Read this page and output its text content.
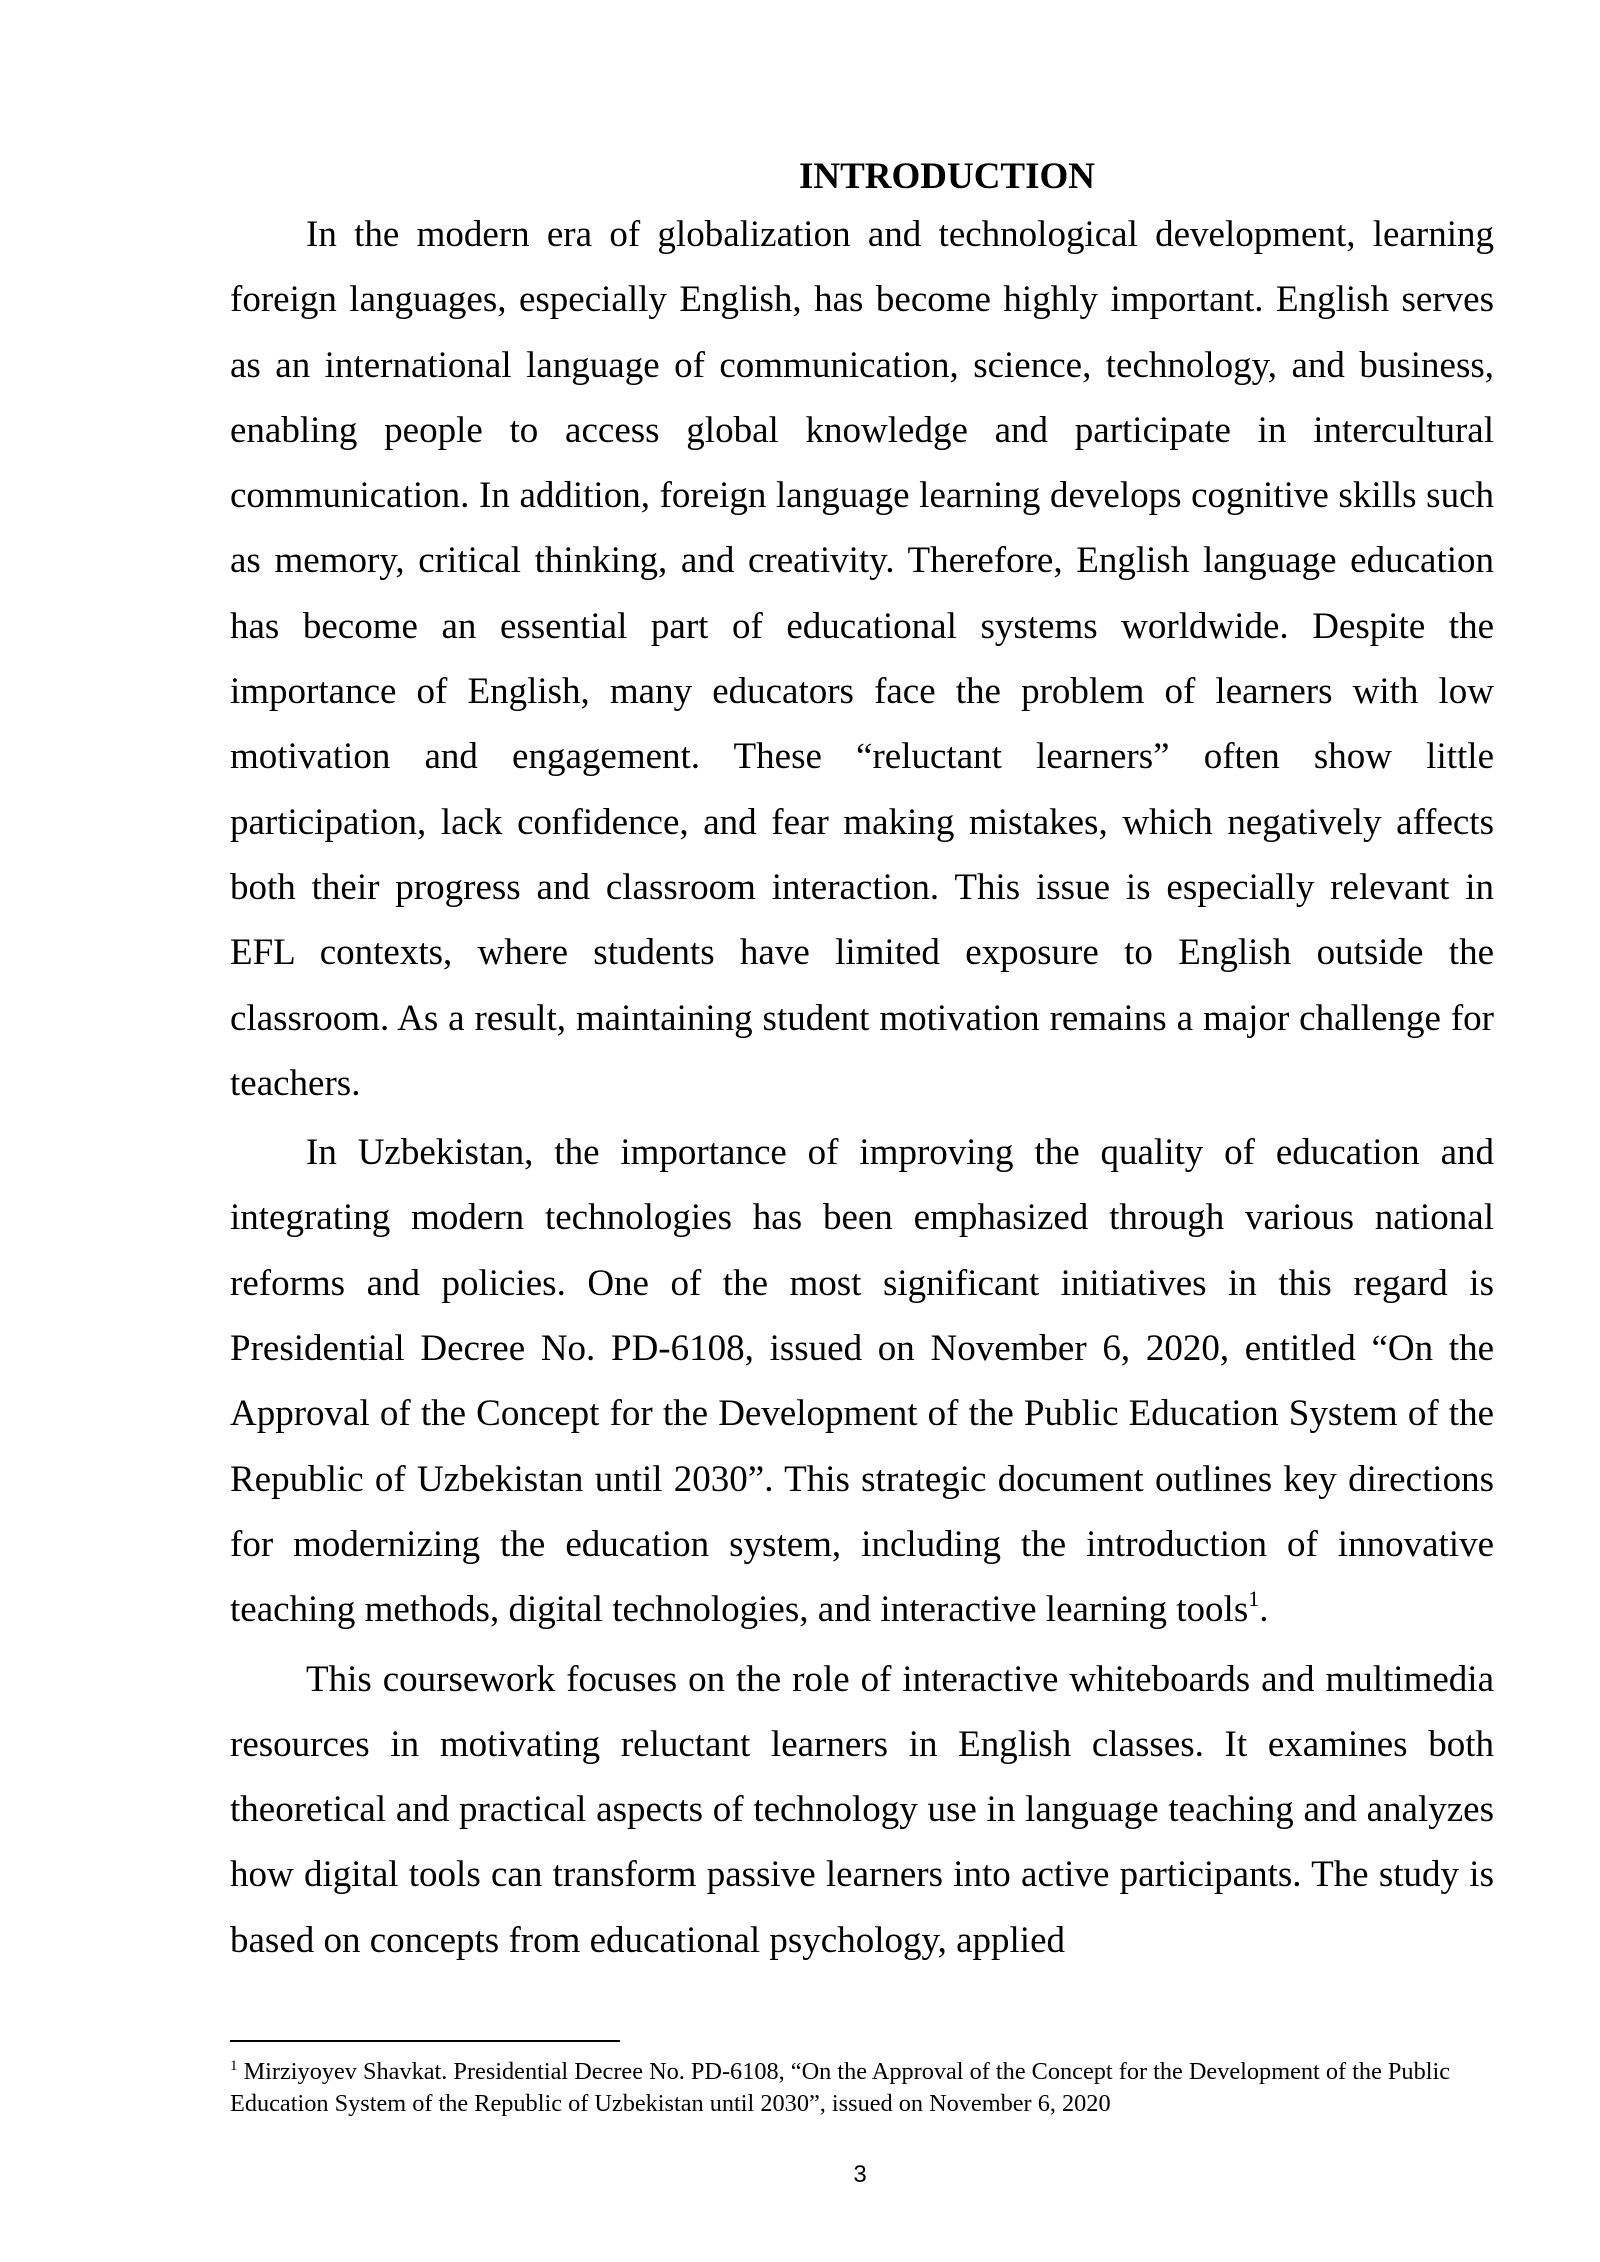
INTRODUCTION

In the modern era of globalization and technological development, learning foreign languages, especially English, has become highly important. English serves as an international language of communication, science, technology, and business, enabling people to access global knowledge and participate in intercultural communication. In addition, foreign language learning develops cognitive skills such as memory, critical thinking, and creativity. Therefore, English language education has become an essential part of educational systems worldwide. Despite the importance of English, many educators face the problem of learners with low motivation and engagement. These “reluctant learners” often show little participation, lack confidence, and fear making mistakes, which negatively affects both their progress and classroom interaction. This issue is especially relevant in EFL contexts, where students have limited exposure to English outside the classroom. As a result, maintaining student motivation remains a major challenge for teachers.

In Uzbekistan, the importance of improving the quality of education and integrating modern technologies has been emphasized through various national reforms and policies. One of the most significant initiatives in this regard is Presidential Decree No. PD-6108, issued on November 6, 2020, entitled “On the Approval of the Concept for the Development of the Public Education System of the Republic of Uzbekistan until 2030”. This strategic document outlines key directions for modernizing the education system, including the introduction of innovative teaching methods, digital technologies, and interactive learning tools$^1$.

This coursework focuses on the role of interactive whiteboards and multimedia resources in motivating reluctant learners in English classes. It examines both theoretical and practical aspects of technology use in language teaching and analyzes how digital tools can transform passive learners into active participants. The study is based on concepts from educational psychology, applied

$^1$ Mirziyoyev Shavkat. Presidential Decree No. PD-6108, “On the Approval of the Concept for the Development of the Public Education System of the Republic of Uzbekistan until 2030”, issued on November 6, 2020

3
